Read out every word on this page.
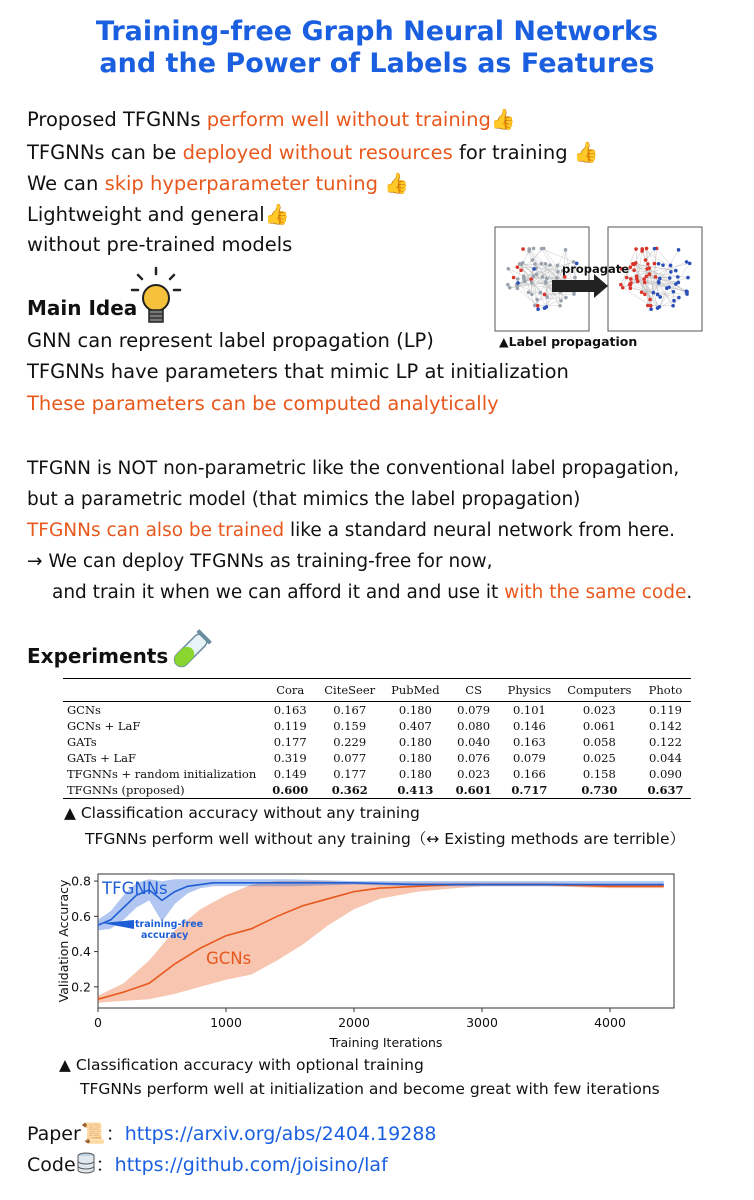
Training-free Graph Neural Networks
and the Power of Labels as Features
Proposed TFGNNs perform well without training👍
TFGNNs can be deployed without resources for training 👍
We can skip hyperparameter tuning 👍
Lightweight and general👍
without pre-trained models
propagate
▲Label propagation
Main Idea
GNN can represent label propagation (LP)
TFGNNs have parameters that mimic LP at initialization
These parameters can be computed analytically
TFGNN is NOT non-parametric like the conventional label propagation,
but a parametric model (that mimics the label propagation)
TFGNNs can also be trained like a standard neural network from here.
→ We can deploy TFGNNs as training-free for now,
and train it when we can afford it and and use it with the same code.
Experiments
	Cora	CiteSeer	PubMed	CS	Physics	Computers	Photo
GCNs	0.163	0.167	0.180	0.079	0.101	0.023	0.119
GCNs + LaF	0.119	0.159	0.407	0.080	0.146	0.061	0.142
GATs	0.177	0.229	0.180	0.040	0.163	0.058	0.122
GATs + LaF	0.319	0.077	0.180	0.076	0.079	0.025	0.044
TFGNNs + random initialization	0.149	0.177	0.180	0.023	0.166	0.158	0.090
TFGNNs (proposed)	0.600	0.362	0.413	0.601	0.717	0.730	0.637
▲ Classification accuracy without any training
TFGNNs perform well without any training（↔ Existing methods are terrible）
0	1000	2000	3000	4000
0.2
0.4
0.6
0.8 TFGNNs
GCNs
training-free
accuracy
Training Iterations
Validation Accuracy
▲ Classification accuracy with optional training
TFGNNs perform well at initialization and become great with few iterations
Paper📜：https://arxiv.org/abs/2404.19288
Code ：https://github.com/joisino/laf
